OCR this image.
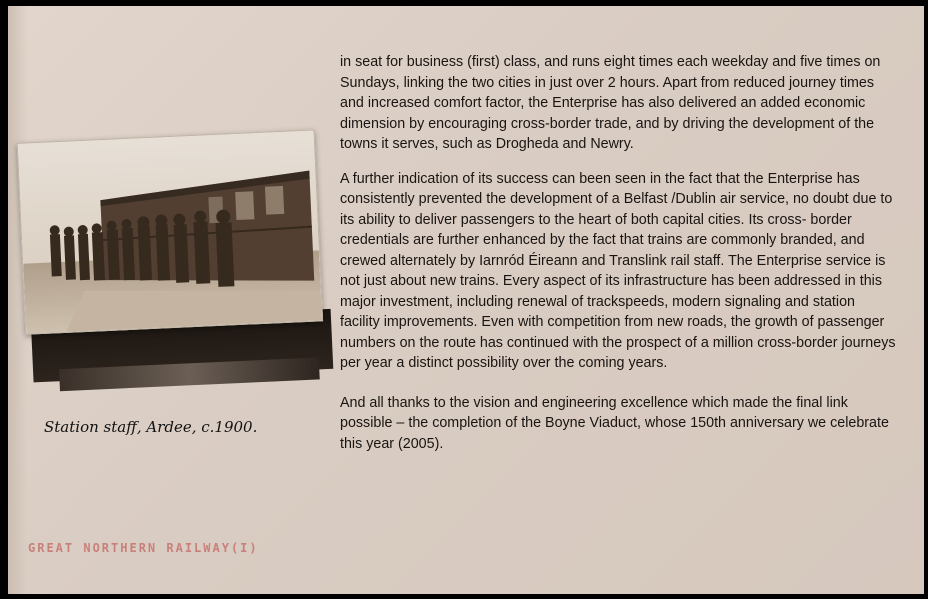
Station staff, Ardee, c.1900.
GREAT NORTHERN RAILWAY(I)

in seat for business (first) class, and runs eight times each weekday and five times on Sundays, linking the two cities in just over 2 hours. Apart from reduced journey times and increased comfort factor, the Enterprise has also delivered an added economic dimension by encouraging cross-border trade, and by driving the development of the towns it serves, such as Drogheda and Newry.

A further indication of its success can been seen in the fact that the Enterprise has consistently prevented the development of a Belfast /Dublin air service, no doubt due to its ability to deliver passengers to the heart of both capital cities. Its cross- border credentials are further enhanced by the fact that trains are commonly branded, and crewed alternately by Iarnród Éireann and Translink rail staff. The Enterprise service is not just about new trains. Every aspect of its infrastructure has been addressed in this major investment, including renewal of trackspeeds, modern signaling and station facility improvements. Even with competition from new roads, the growth of passenger numbers on the route has continued with the prospect of a million cross-border journeys per year a distinct possibility over the coming years.

And all thanks to the vision and engineering excellence which made the final link possible – the completion of the Boyne Viaduct, whose 150th anniversary we celebrate this year (2005).
